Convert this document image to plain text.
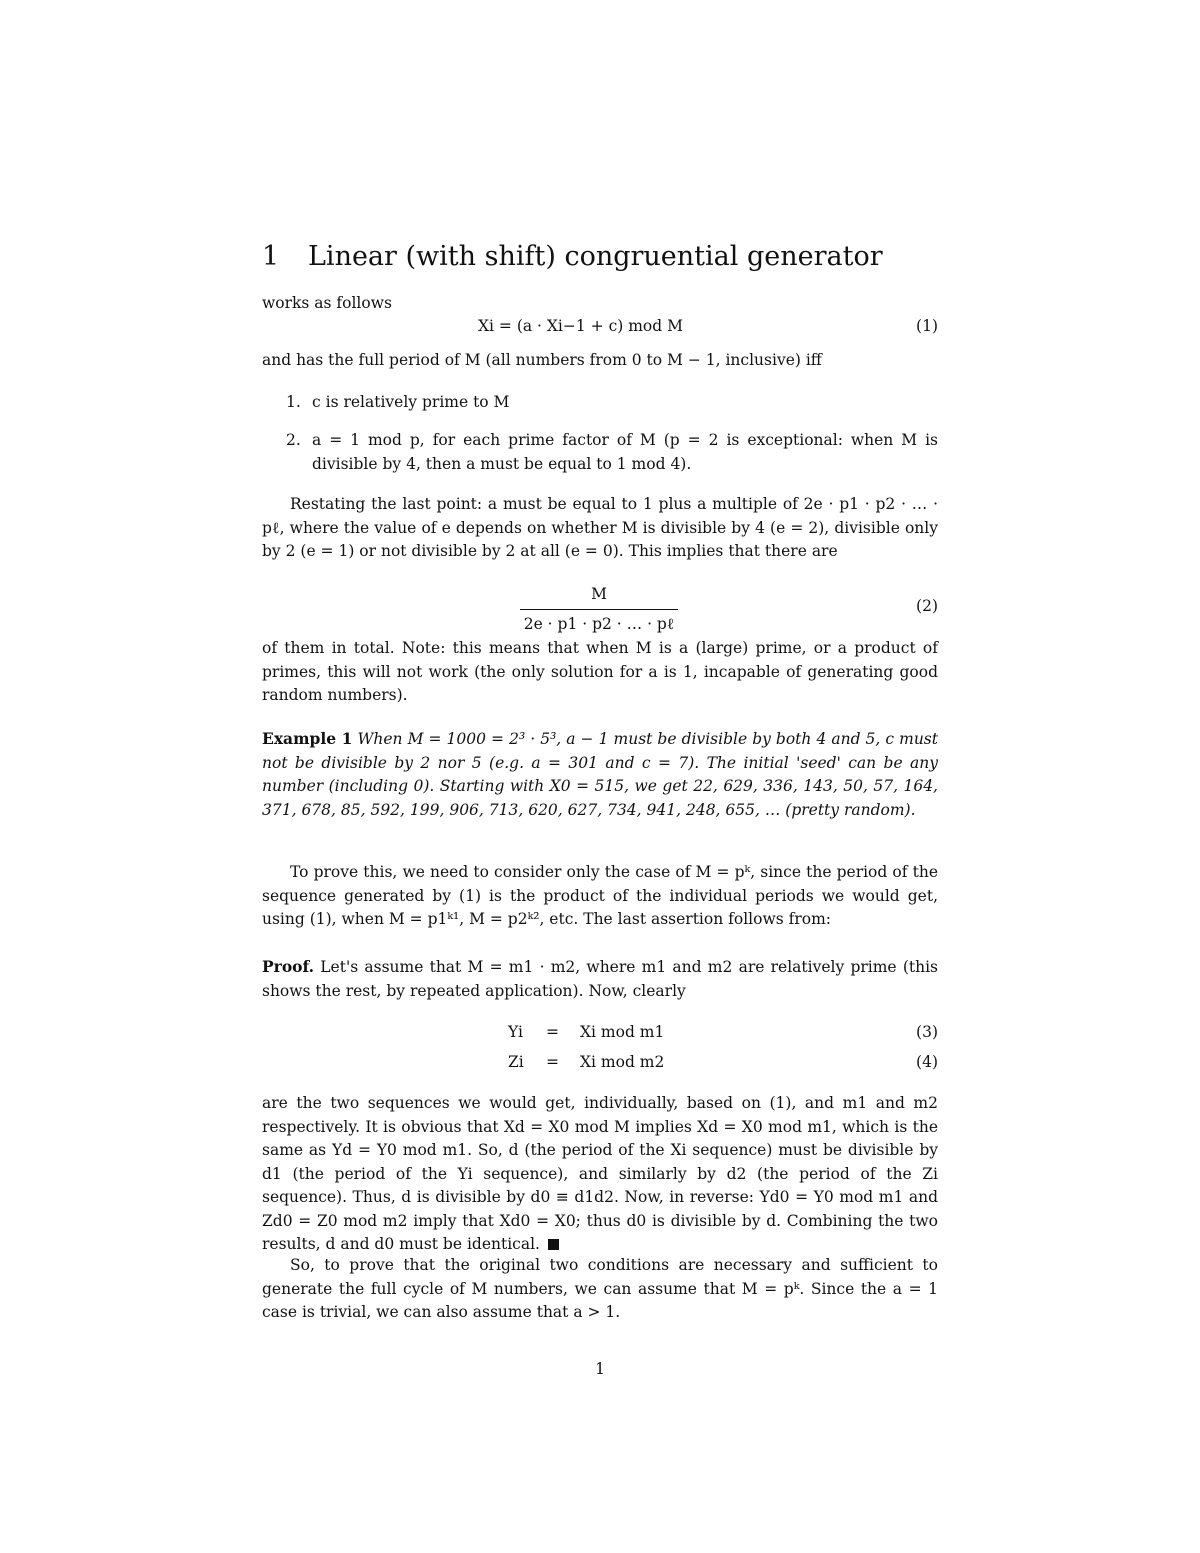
1 Linear (with shift) congruential generator
works as follows
Xi = (a · Xi−1 + c) mod M	(1)
and has the full period of M (all numbers from 0 to M − 1, inclusive) iff
1. c is relatively prime to M
2. a = 1 mod p, for each prime factor of M (p = 2 is exceptional: when M is divisible by 4, then a must be equal to 1 mod 4).
Restating the last point: a must be equal to 1 plus a multiple of 2e · p1 · p2 · … · pℓ, where the value of e depends on whether M is divisible by 4 (e = 2), divisible only by 2 (e = 1) or not divisible by 2 at all (e = 0). This implies that there are
M
2e · p1 · p2 · … · pℓ
(2)
of them in total. Note: this means that when M is a (large) prime, or a product of primes, this will not work (the only solution for a is 1, incapable of generating good random numbers).
Example 1 When M = 1000 = 2³ · 5³, a − 1 must be divisible by both 4 and 5, c must not be divisible by 2 nor 5 (e.g. a = 301 and c = 7). The initial 'seed' can be any number (including 0). Starting with X0 = 515, we get 22, 629, 336, 143, 50, 57, 164, 371, 678, 85, 592, 199, 906, 713, 620, 627, 734, 941, 248, 655, … (pretty random).
To prove this, we need to consider only the case of M = pᵏ, since the period of the sequence generated by (1) is the product of the individual periods we would get, using (1), when M = p1ᵏ¹, M = p2ᵏ², etc. The last assertion follows from:
Proof. Let's assume that M = m1 · m2, where m1 and m2 are relatively prime (this shows the rest, by repeated application). Now, clearly
Yi = Xi mod m1	(3)
Zi = Xi mod m2	(4)
are the two sequences we would get, individually, based on (1), and m1 and m2 respectively. It is obvious that Xd = X0 mod M implies Xd = X0 mod m1, which is the same as Yd = Y0 mod m1. So, d (the period of the Xi sequence) must be divisible by d1 (the period of the Yi sequence), and similarly by d2 (the period of the Zi sequence). Thus, d is divisible by d0 ≡ d1d2. Now, in reverse: Yd0 = Y0 mod m1 and Zd0 = Z0 mod m2 imply that Xd0 = X0; thus d0 is divisible by d. Combining the two results, d and d0 must be identical.
So, to prove that the original two conditions are necessary and sufficient to generate the full cycle of M numbers, we can assume that M = pᵏ. Since the a = 1 case is trivial, we can also assume that a > 1.
1
